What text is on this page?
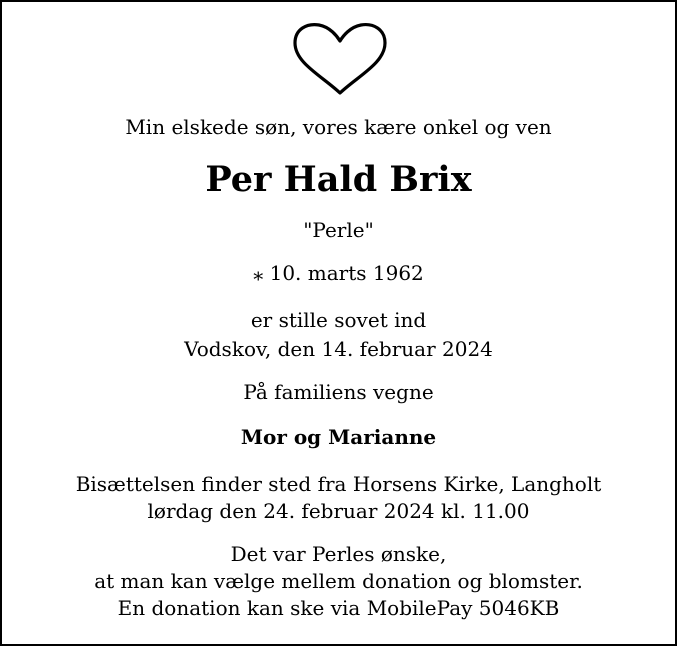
Min elskede søn, vores kære onkel og ven
Per Hald Brix
"Perle"
⁎ 10. marts 1962
er stille sovet ind
Vodskov, den 14. februar 2024
På familiens vegne
Mor og Marianne
Bisættelsen finder sted fra Horsens Kirke, Langholt
lørdag den 24. februar 2024 kl. 11.00
Det var Perles ønske,
at man kan vælge mellem donation og blomster.
En donation kan ske via MobilePay 5046KB
